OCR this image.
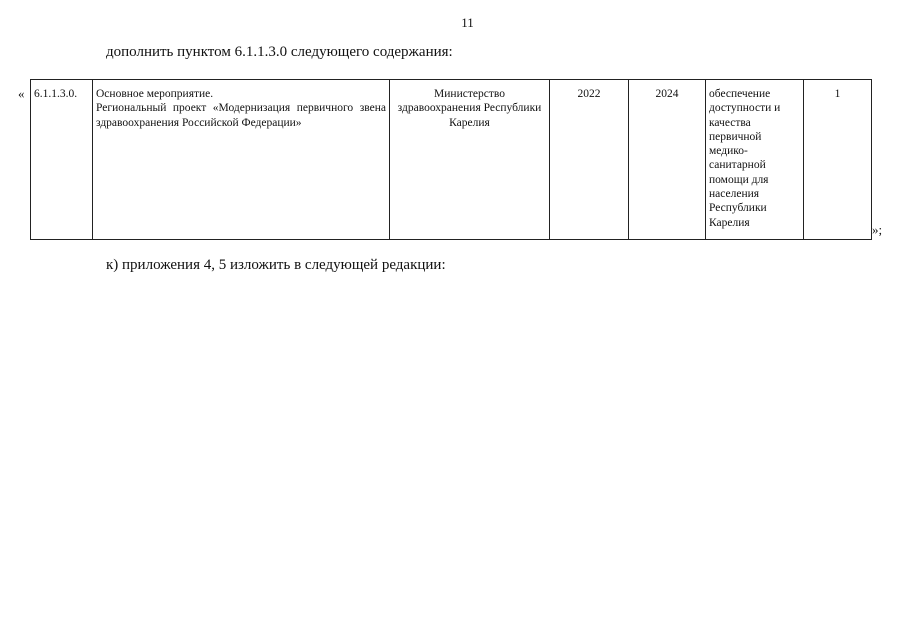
11
дополнить пунктом 6.1.1.3.0 следующего содержания:
« 6.1.1.3.0.	Основное мероприятие.
Региональный проект «Модернизация первичного звена здравоохранения Российской Федерации»
	Министерство здравоохранения Республики Карелия	2022	2024	обеспечение доступности и качества первичной медико-санитарной помощи для населения Республики Карелия	1
»;
к) приложения 4, 5 изложить в следующей редакции:
